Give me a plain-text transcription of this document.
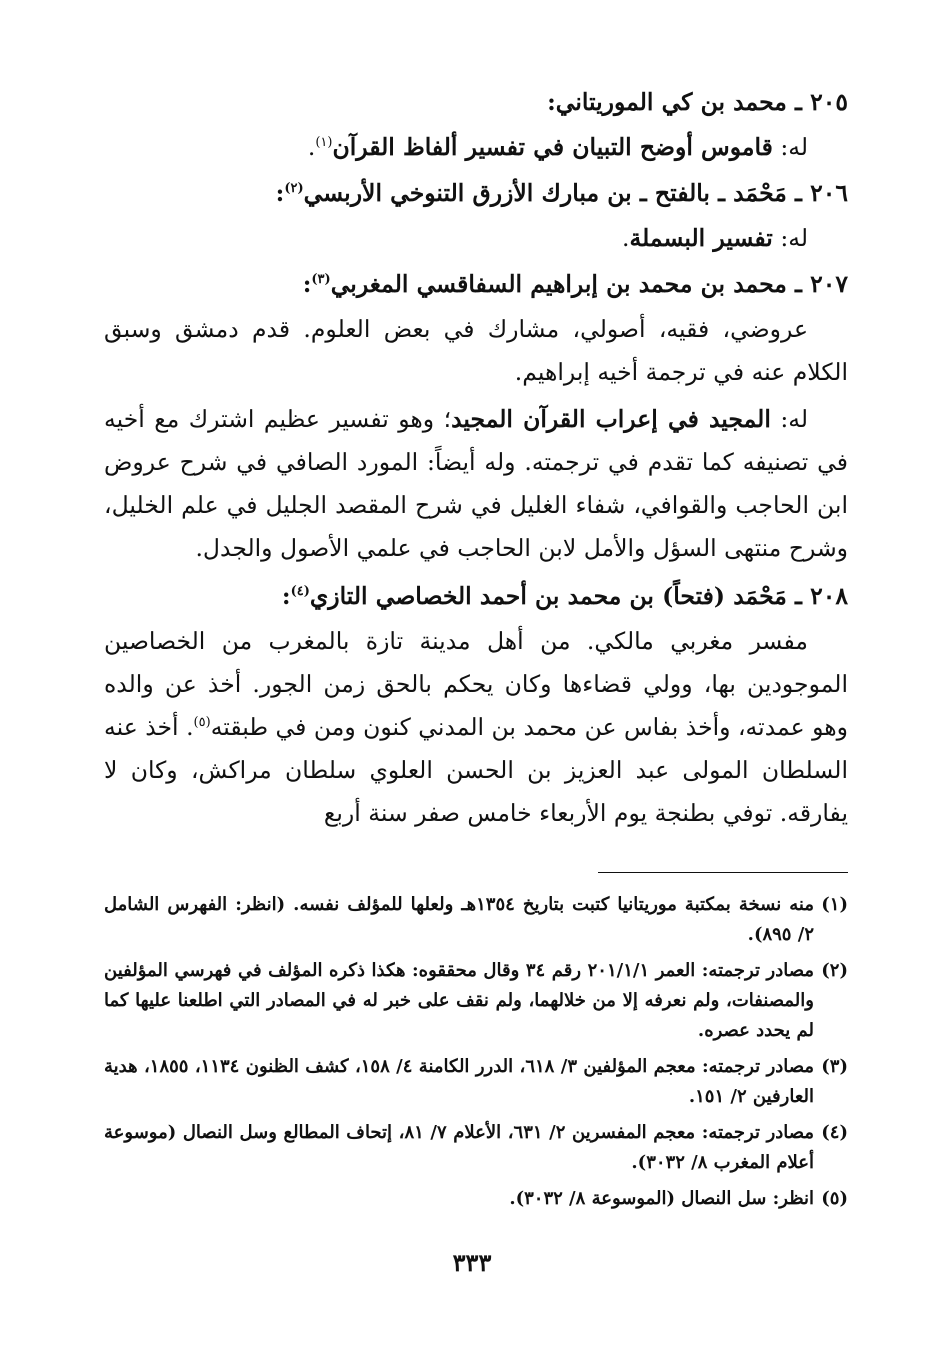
٢٠٥ ـ محمد بن كي الموريتاني:

له: قاموس أوضح التبيان في تفسير ألفاظ القرآن$^{(١)}$.

٢٠٦ ـ مَحْمَد ـ بالفتح ـ بن مبارك الأزرق التنوخي الأربسي$^{(٢)}$:

له: تفسير البسملة.

٢٠٧ ـ محمد بن محمد بن إبراهيم السفاقسي المغربي$^{(٣)}$:

عروضي، فقيه، أصولي، مشارك في بعض العلوم. قدم دمشق وسبق الكلام عنه في ترجمة أخيه إبراهيم.

له: المجيد في إعراب القرآن المجيد؛ وهو تفسير عظيم اشترك مع أخيه في تصنيفه كما تقدم في ترجمته. وله أيضاً: المورد الصافي في شرح عروض ابن الحاجب والقوافي، شفاء الغليل في شرح المقصد الجليل في علم الخليل، وشرح منتهى السؤل والأمل لابن الحاجب في علمي الأصول والجدل.

٢٠٨ ـ مَحْمَد (فتحاً) بن محمد بن أحمد الخصاصي التازي$^{(٤)}$:

مفسر مغربي مالكي. من أهل مدينة تازة بالمغرب من الخصاصين الموجودين بها، وولي قضاءها وكان يحكم بالحق زمن الجور. أخذ عن والده وهو عمدته، وأخذ بفاس عن محمد بن المدني كنون ومن في طبقته$^{(٥)}$. أخذ عنه السلطان المولى عبد العزيز بن الحسن العلوي سلطان مراكش، وكان لا يفارقه. توفي بطنجة يوم الأربعاء خامس صفر سنة أربع

(١)
منه نسخة بمكتبة موريتانيا كتبت بتاريخ ١٣٥٤هـ ولعلها للمؤلف نفسه. (انظر: الفهرس الشامل ٢/ ٨٩٥).
(٢)
مصادر ترجمته: العمر ٢٠١/١/١ رقم ٣٤ وقال محققوه: هكذا ذكره المؤلف في فهرسي المؤلفين والمصنفات، ولم نعرفه إلا من خلالهما، ولم نقف على خبر له في المصادر التي اطلعنا عليها كما لم يحدد عصره.
(٣)
مصادر ترجمته: معجم المؤلفين ٣/ ٦١٨، الدرر الكامنة ٤/ ١٥٨، كشف الظنون ١١٣٤، ١٨٥٥، هدية العارفين ٢/ ١٥١.
(٤)
مصادر ترجمته: معجم المفسرين ٢/ ٦٣١، الأعلام ٧/ ٨١، إتحاف المطالع وسل النصال (موسوعة أعلام المغرب ٨/ ٣٠٣٢).
(٥)
انظر: سل النصال (الموسوعة ٨/ ٣٠٣٢).
٣٣٣
